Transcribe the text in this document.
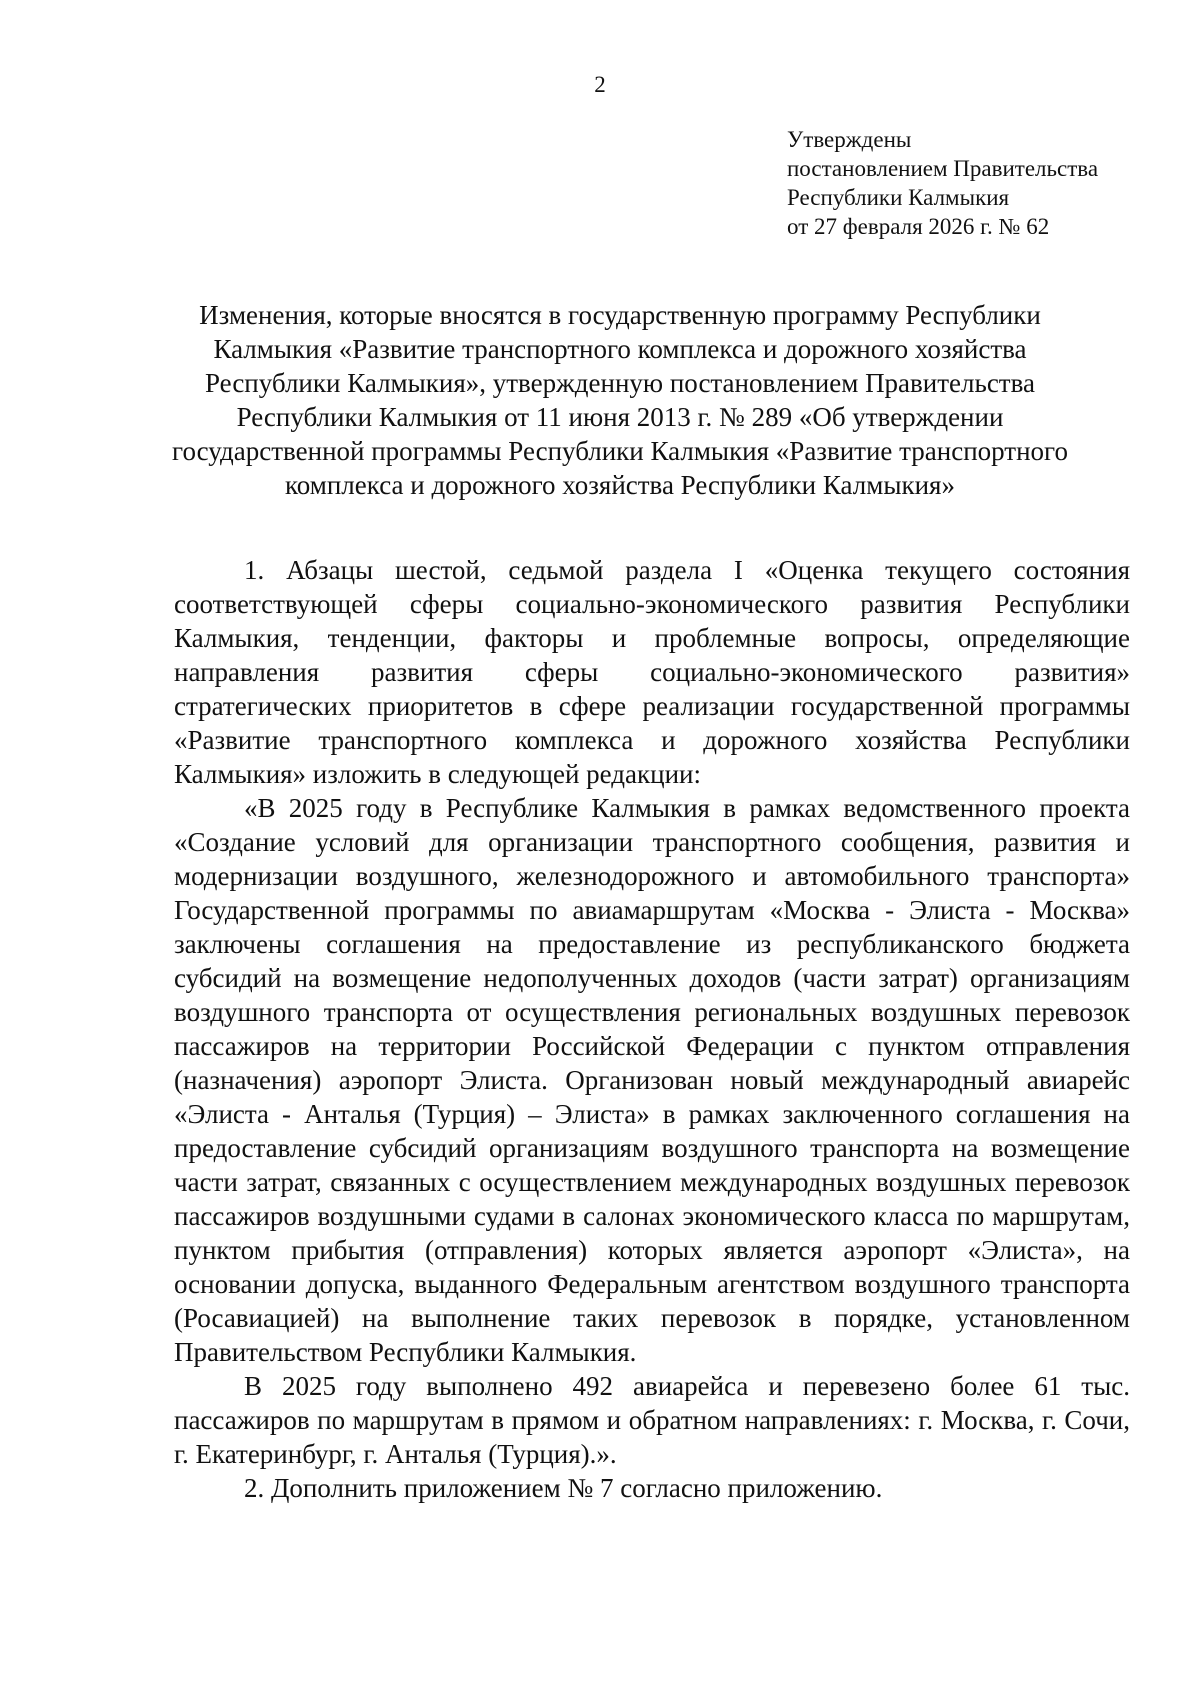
2
Утверждены
постановлением Правительства
Республики Калмыкия
от 27 февраля 2026 г. № 62
Изменения, которые вносятся в государственную программу Республики
Калмыкия «Развитие транспортного комплекса и дорожного хозяйства
Республики Калмыкия», утвержденную постановлением Правительства
Республики Калмыкия от 11 июня 2013 г. № 289 «Об утверждении
государственной программы Республики Калмыкия «Развитие транспортного
комплекса и дорожного хозяйства Республики Калмыкия»

1. Абзацы шестой, седьмой раздела I «Оценка текущего состояния соответствующей сферы социально-экономического развития Республики Калмыкия, тенденции, факторы и проблемные вопросы, определяющие направления развития сферы социально-экономического развития» стратегических приоритетов в сфере реализации государственной программы «Развитие транспортного комплекса и дорожного хозяйства Республики Калмыкия» изложить в следующей редакции:

«В 2025 году в Республике Калмыкия в рамках ведомственного проекта «Создание условий для организации транспортного сообщения, развития и модернизации воздушного, железнодорожного и автомобильного транспорта» Государственной программы по авиамаршрутам «Москва - Элиста - Москва» заключены соглашения на предоставление из республиканского бюджета субсидий на возмещение недополученных доходов (части затрат) организациям воздушного транспорта от осуществления региональных воздушных перевозок пассажиров на территории Российской Федерации с пунктом отправления (назначения) аэропорт Элиста. Организован новый международный авиарейс «Элиста - Анталья (Турция) – Элиста» в рамках заключенного соглашения на предоставление субсидий организациям воздушного транспорта на возмещение части затрат, связанных с осуществлением международных воздушных перевозок пассажиров воздушными судами в салонах экономического класса по маршрутам, пунктом прибытия (отправления) которых является аэропорт «Элиста», на основании допуска, выданного Федеральным агентством воздушного транспорта (Росавиацией) на выполнение таких перевозок в порядке, установленном Правительством Республики Калмыкия.

В 2025 году выполнено 492 авиарейса и перевезено более 61 тыс. пассажиров по маршрутам в прямом и обратном направлениях: г. Москва, г. Сочи, г. Екатеринбург, г. Анталья (Турция).».

2. Дополнить приложением № 7 согласно приложению.
